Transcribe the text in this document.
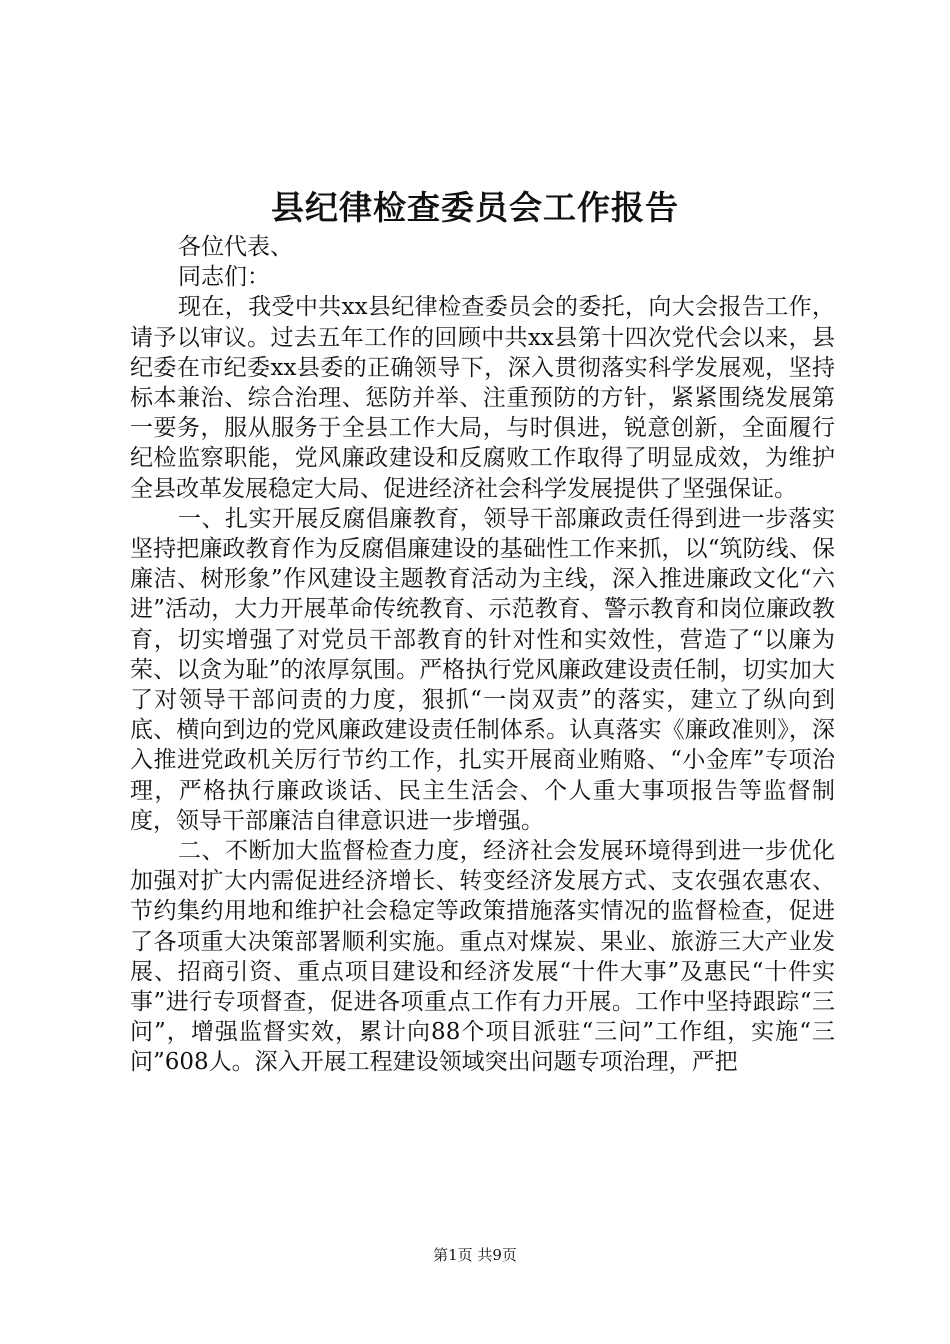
县纪律检查委员会工作报告

各位代表、

同志们：

现在，我受中共xx县纪律检查委员会的委托，向大会报告工作，请予以审议。过去五年工作的回顾中共xx县第十四次党代会以来，县纪委在市纪委xx县委的正确领导下，深入贯彻落实科学发展观，坚持标本兼治、综合治理、惩防并举、注重预防的方针，紧紧围绕发展第一要务，服从服务于全县工作大局，与时俱进，锐意创新，全面履行纪检监察职能，党风廉政建设和反腐败工作取得了明显成效，为维护全县改革发展稳定大局、促进经济社会科学发展提供了坚强保证。

一、扎实开展反腐倡廉教育，领导干部廉政责任得到进一步落实坚持把廉政教育作为反腐倡廉建设的基础性工作来抓，以“筑防线、保廉洁、树形象”作风建设主题教育活动为主线，深入推进廉政文化“六进”活动，大力开展革命传统教育、示范教育、警示教育和岗位廉政教育，切实增强了对党员干部教育的针对性和实效性，营造了“以廉为荣、以贪为耻”的浓厚氛围。严格执行党风廉政建设责任制，切实加大了对领导干部问责的力度，狠抓“一岗双责”的落实，建立了纵向到底、横向到边的党风廉政建设责任制体系。认真落实《廉政准则》，深入推进党政机关厉行节约工作，扎实开展商业贿赂、“小金库”专项治理，严格执行廉政谈话、民主生活会、个人重大事项报告等监督制度，领导干部廉洁自律意识进一步增强。

二、不断加大监督检查力度，经济社会发展环境得到进一步优化加强对扩大内需促进经济增长、转变经济发展方式、支农强农惠农、节约集约用地和维护社会稳定等政策措施落实情况的监督检查，促进了各项重大决策部署顺利实施。重点对煤炭、果业、旅游三大产业发展、招商引资、重点项目建设和经济发展“十件大事”及惠民“十件实事”进行专项督查，促进各项重点工作有力开展。工作中坚持跟踪“三问”，增强监督实效，累计向88个项目派驻“三问”工作组，实施“三问”608人。深入开展工程建设领域突出问题专项治理，严把

第1页 共9页
